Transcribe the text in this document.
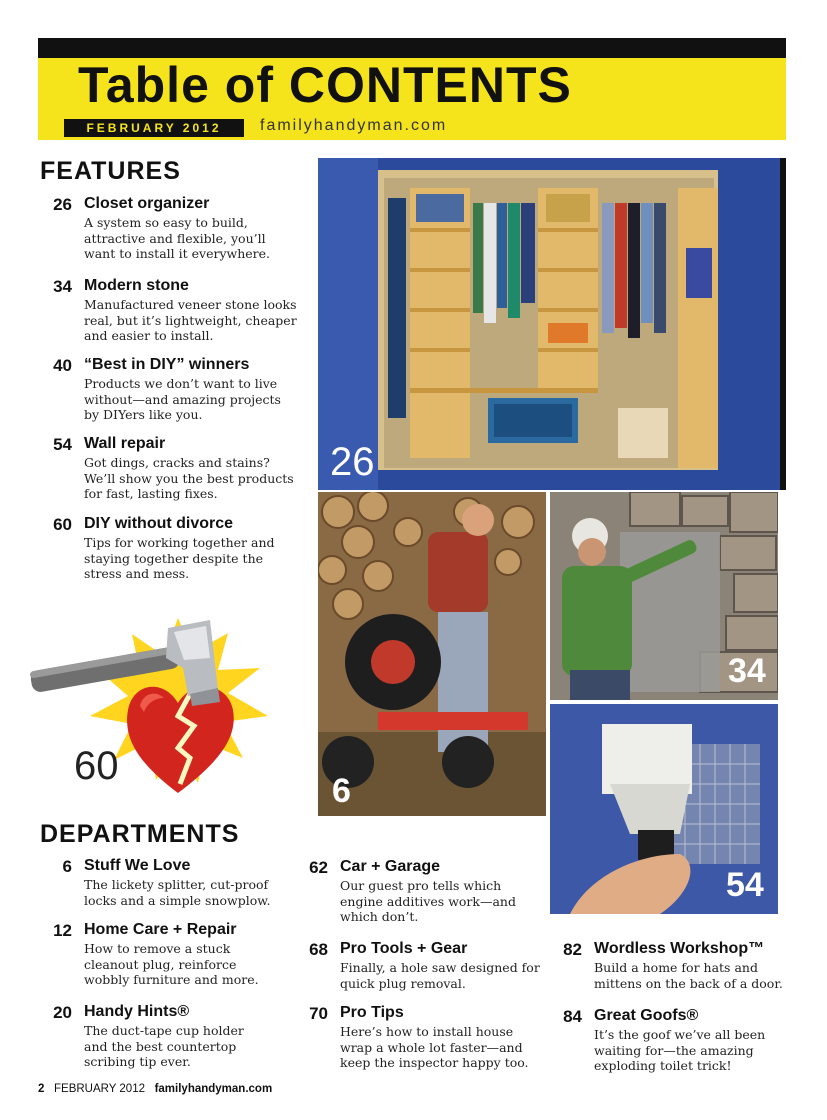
Table of CONTENTS
FEBRUARY 2012	familyhandyman.com
FEATURES
26 Closet organizer

A system so easy to build, attractive and flexible, you’ll want to install it everywhere.

34 Modern stone

Manufactured veneer stone looks real, but it’s lightweight, cheaper and easier to install.

40 “Best in DIY” winners

Products we don’t want to live without—and amazing projects by DIYers like you.

54 Wall repair

Got dings, cracks and stains? We’ll show you the best products for fast, lasting fixes.

60 DIY without divorce

Tips for working together and staying together despite the stress and mess.

60
26
6
34
54
DEPARTMENTS
6 Stuff We Love

The lickety splitter, cut-proof locks and a simple snowplow.

12 Home Care + Repair

How to remove a stuck cleanout plug, reinforce wobbly furniture and more.

20 Handy Hints®

The duct-tape cup holder and the best countertop scribing tip ever.

62 Car + Garage

Our guest pro tells which engine additives work—and which don’t.

68 Pro Tools + Gear

Finally, a hole saw designed for quick plug removal.

70 Pro Tips

Here’s how to install house wrap a whole lot faster—and keep the inspector happy too.

82 Wordless Workshop™

Build a home for hats and mittens on the back of a door.

84 Great Goofs®

It’s the goof we’ve all been waiting for—the amazing exploding toilet trick!

2 FEBRUARY 2012 familyhandyman.com
